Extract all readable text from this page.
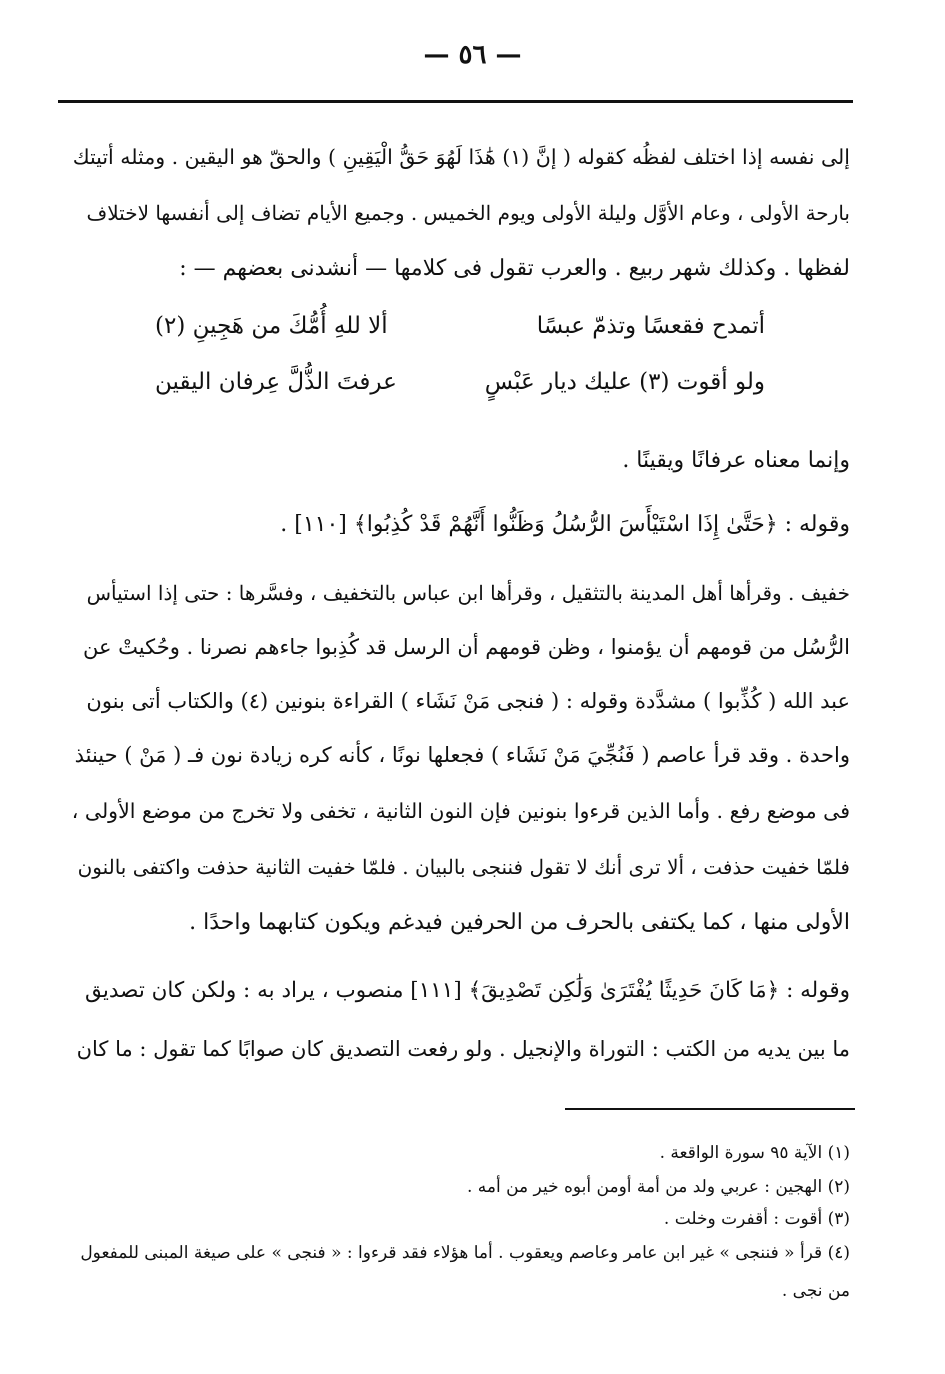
— ٥٦ —
إلى نفسه إذا اختلف لفظُه كقوله ( إنَّ (١) هَٰذَا لَهُوَ حَقُّ الْيَقِينِ ) والحقّ هو اليقين . ومثله أتيتك
بارحة الأولى ، وعام الأوَّل وليلة الأولى ويوم الخميس . وجميع الأيام تضاف إلى أنفسها لاختلاف
لفظها . وكذلك شهر ربيع . والعرب تقول فى كلامها — أنشدنى بعضهم — :
أتمدح فقعسًا وتذمّ عبسًا
ألا للهِ أُمُّكَ من هَجِينِ (٢)
ولو أقوت (٣) عليك ديار عَبْسٍ
عرفتَ الذُّلَّ عِرفان اليقين
وإنما معناه عرفانًا ويقينًا .
وقوله : ﴿حَتَّىٰ إِذَا اسْتَيْأَسَ الرُّسُلُ وَظَنُّوا أَنَّهُمْ قَدْ كُذِبُوا﴾ [١١٠] .
خفيف . وقرأها أهل المدينة بالتثقيل ، وقرأها ابن عباس بالتخفيف ، وفسَّرها : حتى إذا استيأس
الرُّسُل من قومهم أن يؤمنوا ، وظن قومهم أن الرسل قد كُذِبوا جاءهم نصرنا . وحُكيتْ عن
عبد الله ( كُذِّبوا ) مشدَّدة وقوله : ( فنجى مَنْ نَشَاء ) القراءة بنونين (٤) والكتاب أتى بنون
واحدة . وقد قرأ عاصم ( فَنُجِّيَ مَنْ نَشَاء ) فجعلها نونًا ، كأنه كره زيادة نون فـ ( مَنْ ) حينئذ
فى موضع رفع . وأما الذين قرءوا بنونين فإن النون الثانية ، تخفى ولا تخرج من موضع الأولى ،
فلمّا خفيت حذفت ، ألا ترى أنك لا تقول فننجى بالبيان . فلمّا خفيت الثانية حذفت واكتفى بالنون
الأولى منها ، كما يكتفى بالحرف من الحرفين فيدغم ويكون كتابهما واحدًا .
وقوله : ﴿مَا كَانَ حَدِيثًا يُفْتَرَىٰ وَلَٰكِن تَصْدِيقَ﴾ [١١١] منصوب ، يراد به : ولكن كان تصديق
ما بين يديه من الكتب : التوراة والإنجيل . ولو رفعت التصديق كان صوابًا كما تقول : ما كان
(١) الآية ٩٥ سورة الواقعة .
(٢) الهجين : عربي ولد من أمة أومن أبوه خير من أمه .
(٣) أقوت : أقفرت وخلت .
(٤) قرأ « فننجى » غير ابن عامر وعاصم ويعقوب . أما هؤلاء فقد قرءوا : « فنجى » على صيغة المبنى للمفعول
من نجى .
